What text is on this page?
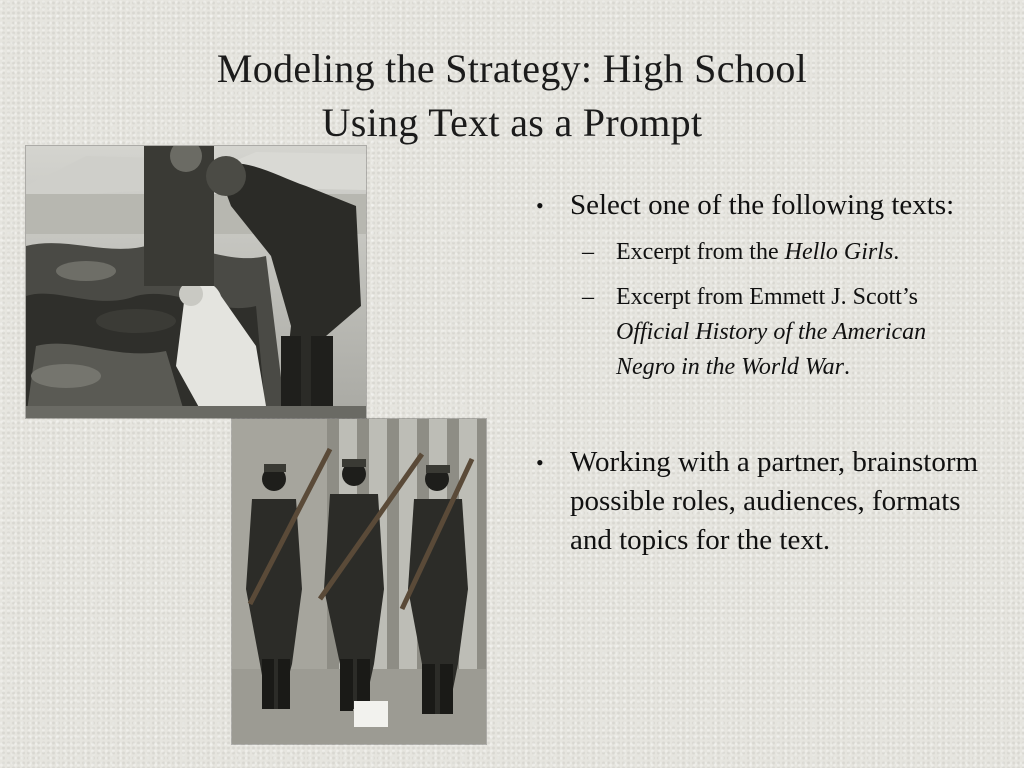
Modeling the Strategy: High School
Using Text as a Prompt
• Select one of the following texts:
– Excerpt from the Hello Girls.
– Excerpt from Emmett J. Scott’s Official History of the American Negro in the World War.
• Working with a partner, brainstorm possible roles, audiences, formats and topics for the text.
